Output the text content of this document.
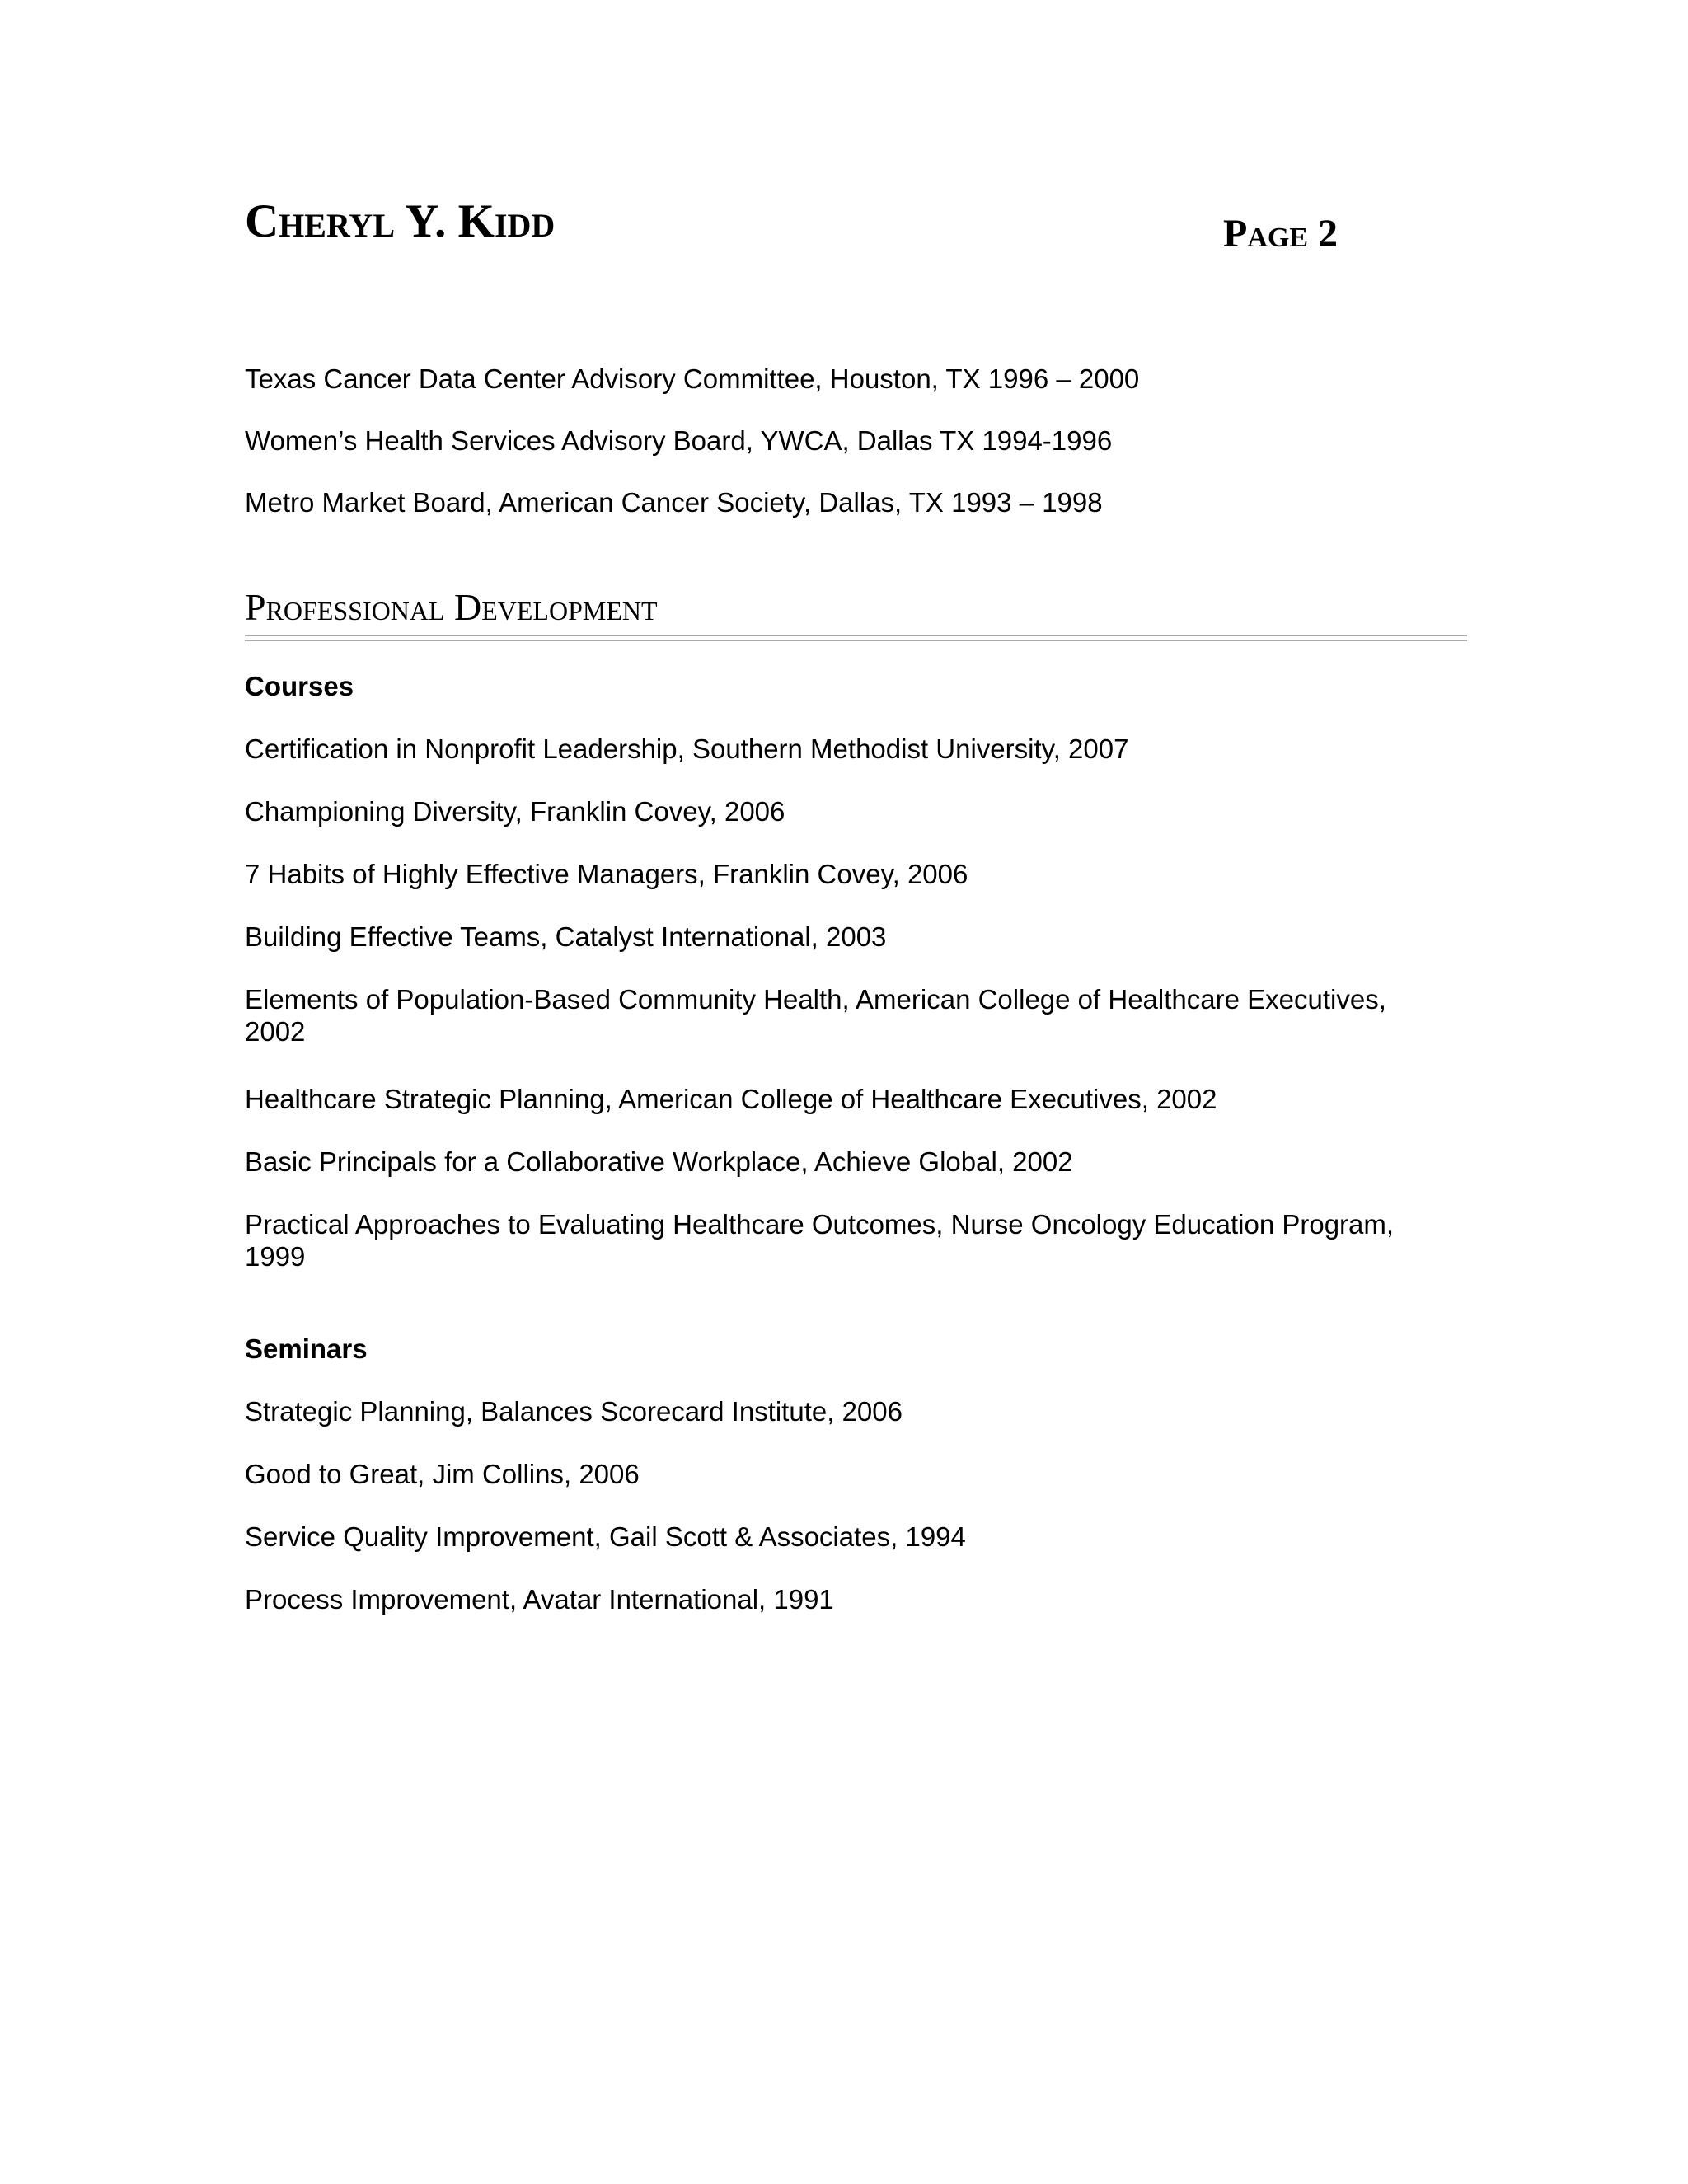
Cheryl Y. Kidd	Page 2
Texas Cancer Data Center Advisory Committee, Houston, TX 1996 – 2000
Women’s Health Services Advisory Board, YWCA, Dallas TX 1994-1996
Metro Market Board, American Cancer Society, Dallas, TX 1993 – 1998
Professional Development
Courses
Certification in Nonprofit Leadership, Southern Methodist University, 2007
Championing Diversity, Franklin Covey, 2006
7 Habits of Highly Effective Managers, Franklin Covey, 2006
Building Effective Teams, Catalyst International, 2003
Elements of Population-Based Community Health, American College of Healthcare Executives, 2002
Healthcare Strategic Planning, American College of Healthcare Executives, 2002
Basic Principals for a Collaborative Workplace, Achieve Global, 2002
Practical Approaches to Evaluating Healthcare Outcomes, Nurse Oncology Education Program, 1999
Seminars
Strategic Planning, Balances Scorecard Institute, 2006
Good to Great, Jim Collins, 2006
Service Quality Improvement, Gail Scott & Associates, 1994
Process Improvement, Avatar International, 1991
